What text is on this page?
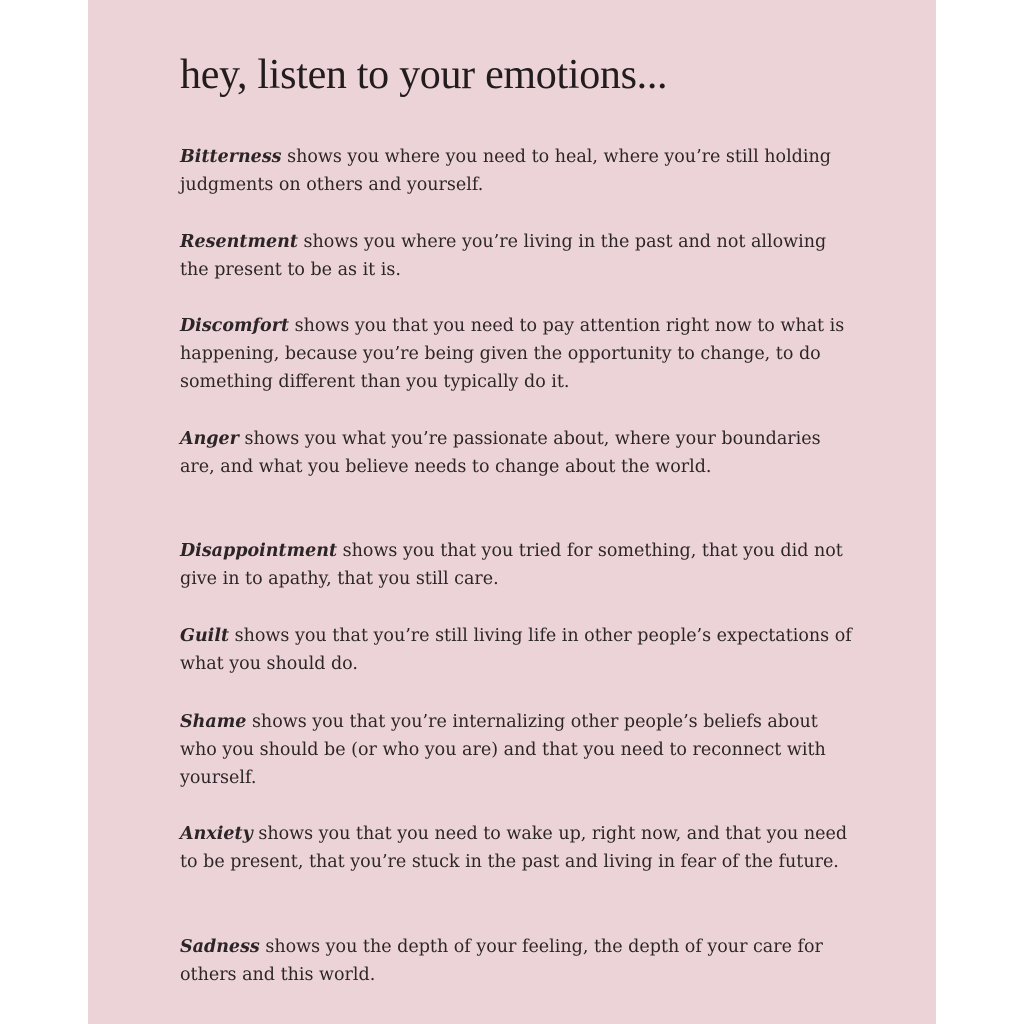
hey, listen to your emotions...
Bitterness shows you where you need to heal, where you’re still holding judgments on others and yourself.
Resentment shows you where you’re living in the past and not allowing the present to be as it is.
Discomfort shows you that you need to pay attention right now to what is happening, because you’re being given the opportunity to change, to do something different than you typically do it.
Anger shows you what you’re passionate about, where your boundaries are, and what you believe needs to change about the world.
Disappointment shows you that you tried for something, that you did not give in to apathy, that you still care.
Guilt shows you that you’re still living life in other people’s expectations of what you should do.
Shame shows you that you’re internalizing other people’s beliefs about who you should be (or who you are) and that you need to reconnect with yourself.
Anxiety shows you that you need to wake up, right now, and that you need to be present, that you’re stuck in the past and living in fear of the future.
Sadness shows you the depth of your feeling, the depth of your care for others and this world.
